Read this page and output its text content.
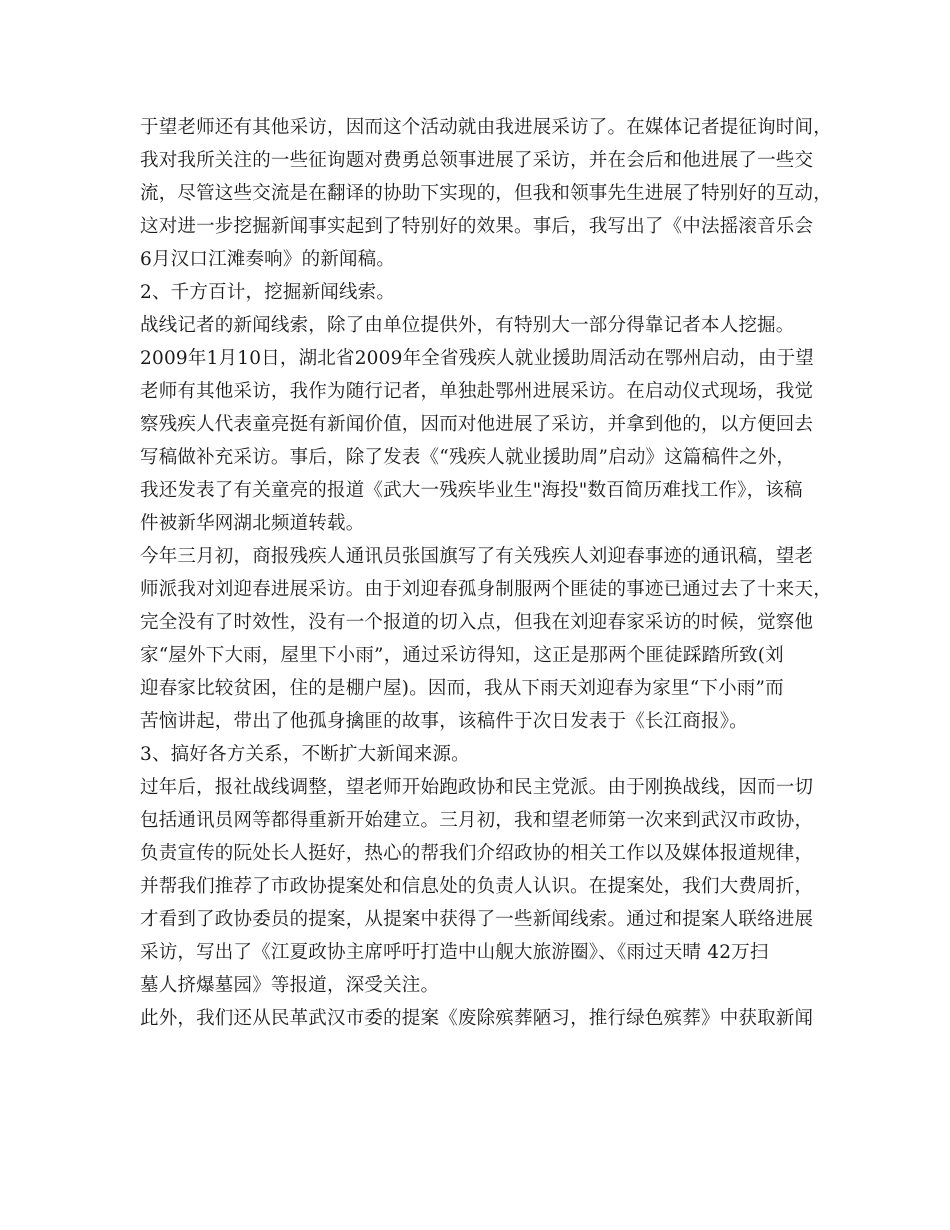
于望老师还有其他采访，因而这个活动就由我进展采访了。在媒体记者提征询时间，
我对我所关注的一些征询题对费勇总领事进展了采访，并在会后和他进展了一些交
流，尽管这些交流是在翻译的协助下实现的，但我和领事先生进展了特别好的互动，
这对进一步挖掘新闻事实起到了特别好的效果。事后，我写出了《中法摇滚音乐会
6月汉口江滩奏响》的新闻稿。
2、千方百计，挖掘新闻线索。
战线记者的新闻线索，除了由单位提供外，有特别大一部分得靠记者本人挖掘。
2009年1月10日，湖北省2009年全省残疾人就业援助周活动在鄂州启动，由于望
老师有其他采访，我作为随行记者，单独赴鄂州进展采访。在启动仪式现场，我觉
察残疾人代表童亮挺有新闻价值，因而对他进展了采访，并拿到他的，以方便回去
写稿做补充采访。事后，除了发表《“残疾人就业援助周”启动》这篇稿件之外，
我还发表了有关童亮的报道《武大一残疾毕业生"海投"数百简历难找工作》，该稿
件被新华网湖北频道转载。
今年三月初，商报残疾人通讯员张国旗写了有关残疾人刘迎春事迹的通讯稿，望老
师派我对刘迎春进展采访。由于刘迎春孤身制服两个匪徒的事迹已通过去了十来天，
完全没有了时效性，没有一个报道的切入点，但我在刘迎春家采访的时候，觉察他
家“屋外下大雨，屋里下小雨”，通过采访得知，这正是那两个匪徒踩踏所致(刘
迎春家比较贫困，住的是棚户屋)。因而，我从下雨天刘迎春为家里“下小雨”而
苦恼讲起，带出了他孤身擒匪的故事，该稿件于次日发表于《长江商报》。
3、搞好各方关系，不断扩大新闻来源。
过年后，报社战线调整，望老师开始跑政协和民主党派。由于刚换战线，因而一切
包括通讯员网等都得重新开始建立。三月初，我和望老师第一次来到武汉市政协，
负责宣传的阮处长人挺好，热心的帮我们介绍政协的相关工作以及媒体报道规律，
并帮我们推荐了市政协提案处和信息处的负责人认识。在提案处，我们大费周折，
才看到了政协委员的提案，从提案中获得了一些新闻线索。通过和提案人联络进展
采访，写出了《江夏政协主席呼吁打造中山舰大旅游圈》、《雨过天晴 42万扫
墓人挤爆墓园》等报道，深受关注。
此外，我们还从民革武汉市委的提案《废除殡葬陋习，推行绿色殡葬》中获取新闻
